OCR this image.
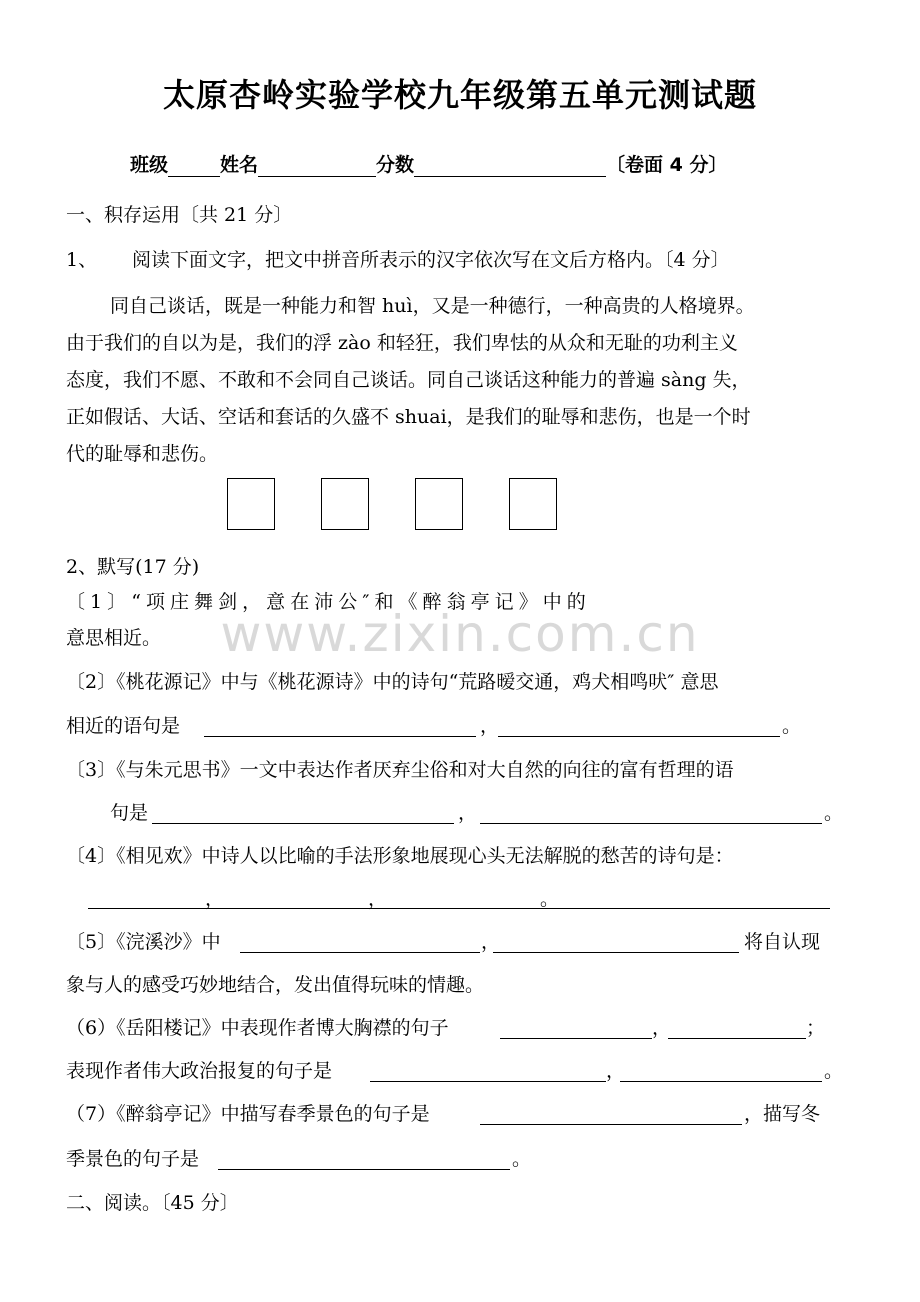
太原杏岭实验学校九年级第五单元测试题
班级	姓名	分数	〔卷面 4 分〕
一、积存运用〔共 21 分〕
1、 阅读下面文字，把文中拼音所表示的汉字依次写在文后方格内。〔4 分〕
同自己谈话，既是一种能力和智 huì，又是一种德行，一种高贵的人格境界。
由于我们的自以为是，我们的浮 zào 和轻狂，我们卑怯的从众和无耻的功利主义
态度，我们不愿、不敢和不会同自己谈话。同自己谈话这种能力的普遍 sàng 失，
正如假话、大话、空话和套话的久盛不 shuai，是我们的耻辱和悲伤，也是一个时
代的耻辱和悲伤。
2、默写(17 分)
www.zixin.com.cn
〔 1 〕 “ 项 庄 舞 剑 ， 意 在 沛 公 ″ 和 《 醉 翁 亭 记 》 中 的
意思相近。
〔2〕《桃花源记》中与《桃花源诗》中的诗句“荒路暧交通，鸡犬相鸣吠″ 意思
相近的语句是	，	。
〔3〕《与朱元思书》一文中表达作者厌弃尘俗和对大自然的向往的富有哲理的语
句是	，	。
〔4〕《相见欢》中诗人以比喻的手法形象地展现心头无法解脱的愁苦的诗句是：
，	，	。
〔5〕《浣溪沙》中	，	将自认现
象与人的感受巧妙地结合，发出值得玩味的情趣。
（6）《岳阳楼记》中表现作者博大胸襟的句子	，	；
表现作者伟大政治报复的句子是	，	。
（7）《醉翁亭记》中描写春季景色的句子是	，描写冬
季景色的句子是	。
二、阅读。〔45 分〕
